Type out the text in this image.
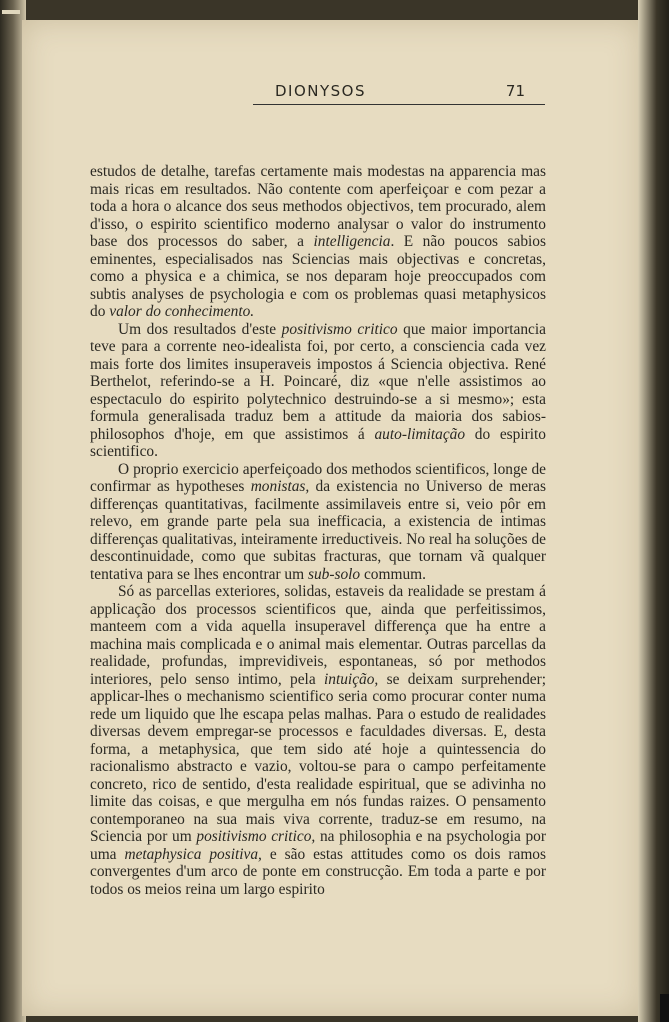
DIONYSOS	71

estudos de detalhe, tarefas certamente mais modestas na apparencia mas mais ricas em resultados. Não contente com aperfeiçoar e com pezar a toda a hora o alcance dos seus methodos objectivos, tem procurado, alem d'isso, o espirito scientifico moderno analysar o valor do instrumento base dos processos do saber, a intelligencia. E não poucos sabios eminentes, especialisados nas Sciencias mais objectivas e concretas, como a physica e a chimica, se nos deparam hoje preoccupados com subtis analyses de psychologia e com os problemas quasi metaphysicos do valor do conhecimento.

Um dos resultados d'este positivismo critico que maior importancia teve para a corrente neo-idealista foi, por certo, a consciencia cada vez mais forte dos limites insuperaveis impostos á Sciencia objectiva. René Berthelot, referindo-se a H. Poincaré, diz «que n'elle assistimos ao espectaculo do espirito polytechnico destruindo-se a si mesmo»; esta formula generalisada traduz bem a attitude da maioria dos sabios-philosophos d'hoje, em que assistimos á auto-limitação do espirito scientifico.

O proprio exercicio aperfeiçoado dos methodos scientificos, longe de confirmar as hypotheses monistas, da existencia no Universo de meras differenças quantitativas, facilmente assimilaveis entre si, veio pôr em relevo, em grande parte pela sua inefficacia, a existencia de intimas differenças qualitativas, inteiramente irreductiveis. No real ha soluções de descontinuidade, como que subitas fracturas, que tornam vã qualquer tentativa para se lhes encontrar um sub-solo commum.

Só as parcellas exteriores, solidas, estaveis da realidade se prestam á applicação dos processos scientificos que, ainda que perfeitissimos, manteem com a vida aquella insuperavel differença que ha entre a machina mais complicada e o animal mais elementar. Outras parcellas da realidade, profundas, imprevidiveis, espontaneas, só por methodos interiores, pelo senso intimo, pela intuição, se deixam surprehender; applicar-lhes o mechanismo scientifico seria como procurar conter numa rede um liquido que lhe escapa pelas malhas. Para o estudo de realidades diversas devem empregar-se processos e faculdades diversas. E, desta forma, a metaphysica, que tem sido até hoje a quintessencia do racionalismo abstracto e vazio, voltou-se para o campo perfeitamente concreto, rico de sentido, d'esta realidade espiritual, que se adivinha no limite das coisas, e que mergulha em nós fundas raizes. O pensamento contemporaneo na sua mais viva corrente, traduz-se em resumo, na Sciencia por um positivismo critico, na philosophia e na psychologia por uma metaphysica positiva, e são estas attitudes como os dois ramos convergentes d'um arco de ponte em construcção. Em toda a parte e por todos os meios reina um largo espirito
